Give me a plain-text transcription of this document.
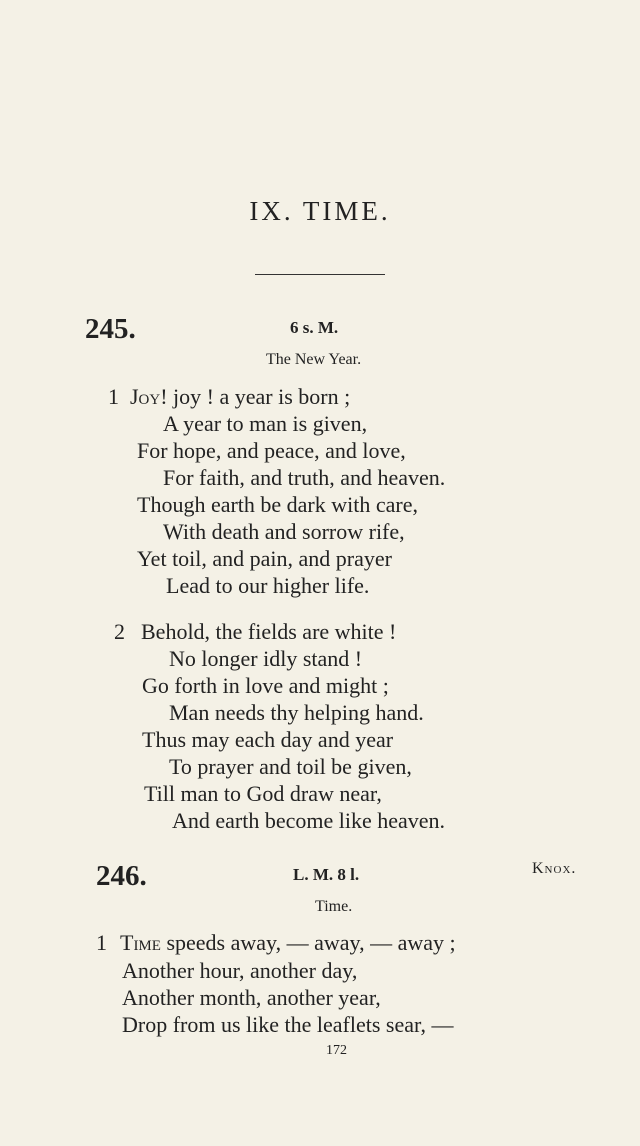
IX. TIME.
245.	6 s. M.
The New Year.
1 Joy! joy ! a year is born ;
A year to man is given,
For hope, and peace, and love,
For faith, and truth, and heaven.
Though earth be dark with care,
With death and sorrow rife,
Yet toil, and pain, and prayer
Lead to our higher life.
2 Behold, the fields are white !
No longer idly stand !
Go forth in love and might ;
Man needs thy helping hand.
Thus may each day and year
To prayer and toil be given,
Till man to God draw near,
And earth become like heaven.
246.	L. M. 8 l.	Knox.
Time.
1 Time speeds away, — away, — away ;
Another hour, another day,
Another month, another year,
Drop from us like the leaflets sear, —
172
